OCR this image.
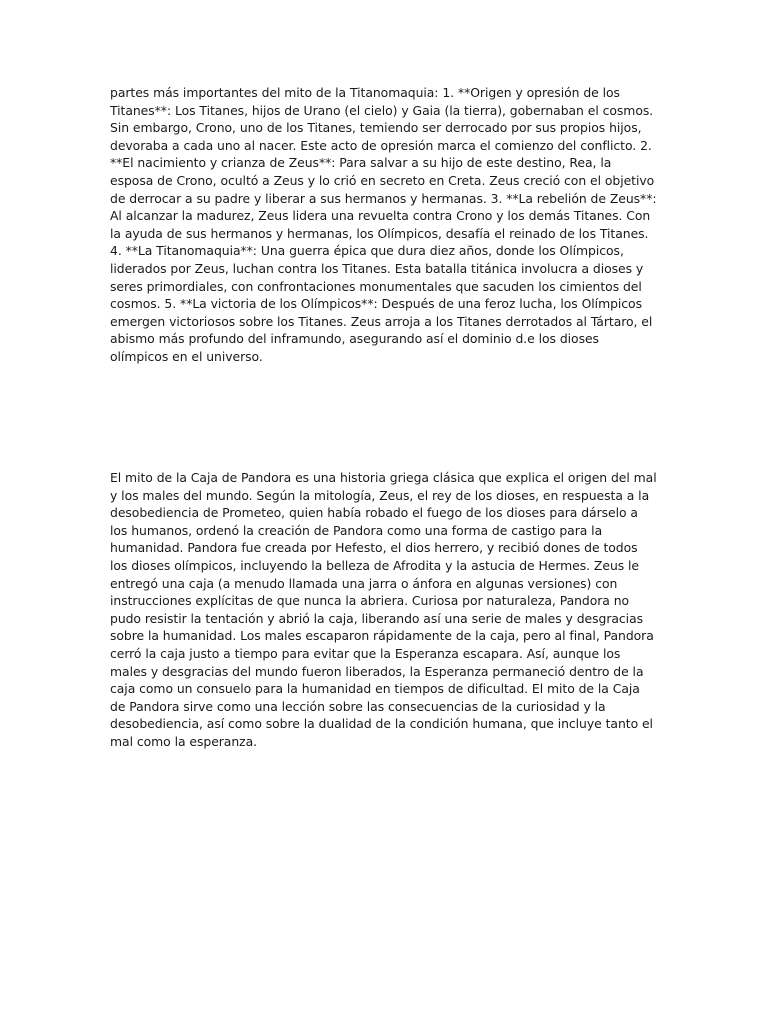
partes más importantes del mito de la Titanomaquia: 1. **Origen y opresión de los Titanes**: Los Titanes, hijos de Urano (el cielo) y Gaia (la tierra), gobernaban el cosmos. Sin embargo, Crono, uno de los Titanes, temiendo ser derrocado por sus propios hijos, devoraba a cada uno al nacer. Este acto de opresión marca el comienzo del conflicto. 2. **El nacimiento y crianza de Zeus**: Para salvar a su hijo de este destino, Rea, la esposa de Crono, ocultó a Zeus y lo crió en secreto en Creta. Zeus creció con el objetivo de derrocar a su padre y liberar a sus hermanos y hermanas. 3. **La rebelión de Zeus**: Al alcanzar la madurez, Zeus lidera una revuelta contra Crono y los demás Titanes. Con la ayuda de sus hermanos y hermanas, los Olímpicos, desafía el reinado de los Titanes. 4. **La Titanomaquia**: Una guerra épica que dura diez años, donde los Olímpicos, liderados por Zeus, luchan contra los Titanes. Esta batalla titánica involucra a dioses y seres primordiales, con confrontaciones monumentales que sacuden los cimientos del cosmos. 5. **La victoria de los Olímpicos**: Después de una feroz lucha, los Olímpicos emergen victoriosos sobre los Titanes. Zeus arroja a los Titanes derrotados al Tártaro, el abismo más profundo del inframundo, asegurando así el dominio d.e los dioses olímpicos en el universo.

El mito de la Caja de Pandora es una historia griega clásica que explica el origen del mal y los males del mundo. Según la mitología, Zeus, el rey de los dioses, en respuesta a la desobediencia de Prometeo, quien había robado el fuego de los dioses para dárselo a los humanos, ordenó la creación de Pandora como una forma de castigo para la humanidad. Pandora fue creada por Hefesto, el dios herrero, y recibió dones de todos los dioses olímpicos, incluyendo la belleza de Afrodita y la astucia de Hermes. Zeus le entregó una caja (a menudo llamada una jarra o ánfora en algunas versiones) con instrucciones explícitas de que nunca la abriera. Curiosa por naturaleza, Pandora no pudo resistir la tentación y abrió la caja, liberando así una serie de males y desgracias sobre la humanidad. Los males escaparon rápidamente de la caja, pero al final, Pandora cerró la caja justo a tiempo para evitar que la Esperanza escapara. Así, aunque los males y desgracias del mundo fueron liberados, la Esperanza permaneció dentro de la caja como un consuelo para la humanidad en tiempos de dificultad. El mito de la Caja de Pandora sirve como una lección sobre las consecuencias de la curiosidad y la desobediencia, así como sobre la dualidad de la condición humana, que incluye tanto el mal como la esperanza.
